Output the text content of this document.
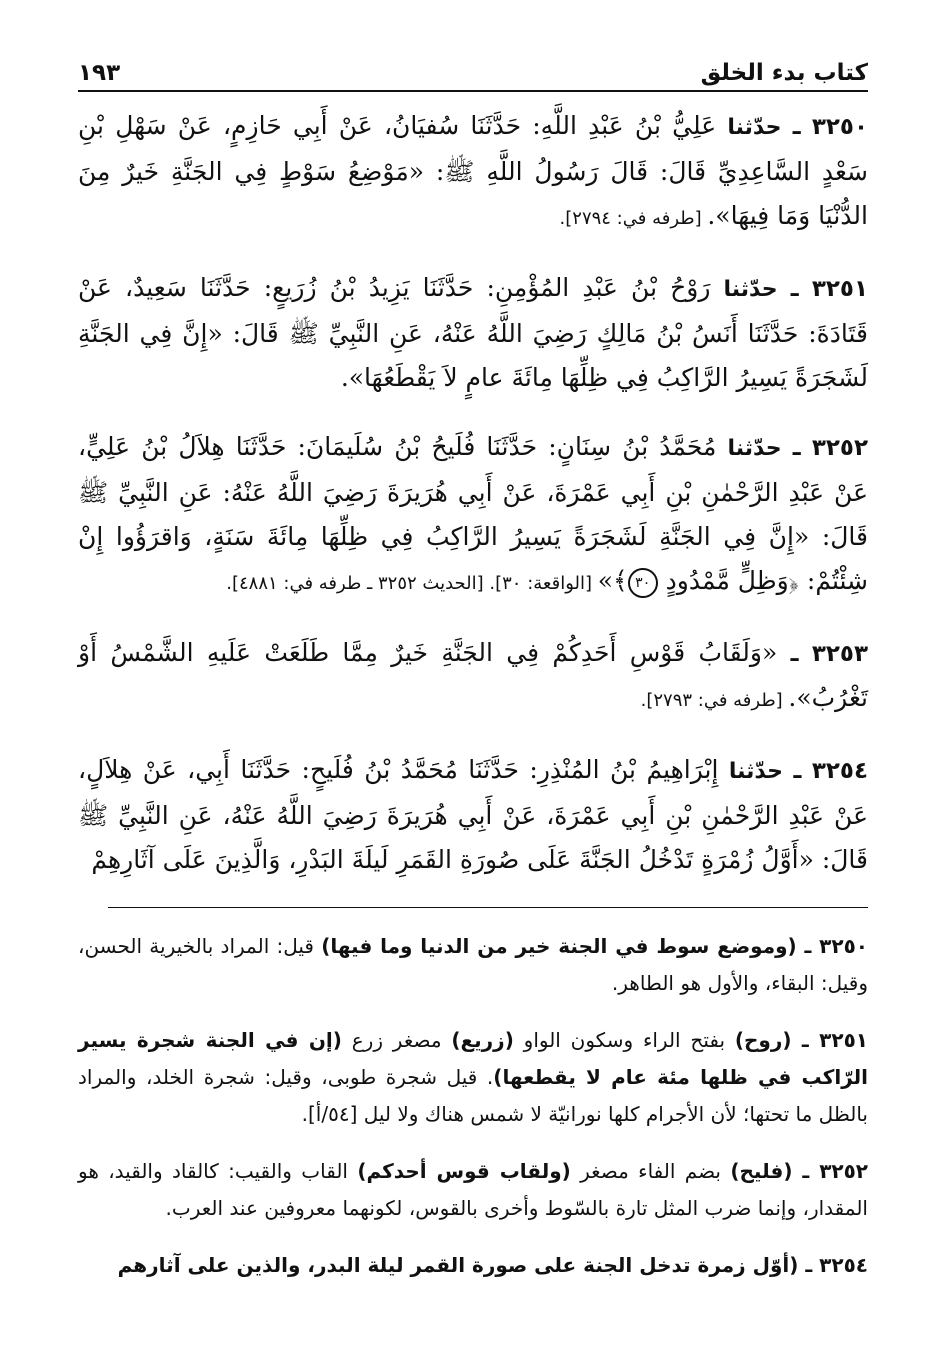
كتاب بدء الخلق
١٩٣

٣٢٥٠ ـ حدّثنا عَلِيُّ بْنُ عَبْدِ اللَّهِ: حَدَّثَنَا سُفيَانُ، عَنْ أَبِي حَازِمٍ، عَنْ سَهْلِ بْنِ سَعْدٍ السَّاعِدِيِّ قَالَ: قَالَ رَسُولُ اللَّهِ ﷺ: «مَوْضِعُ سَوْطٍ فِي الجَنَّةِ خَيرٌ مِنَ الدُّنْيَا وَمَا فِيهَا». [طرفه في: ٢٧٩٤].

٣٢٥١ ـ حدّثنا رَوْحُ بْنُ عَبْدِ المُؤْمِنِ: حَدَّثَنَا يَزِيدُ بْنُ زُرَيعٍ: حَدَّثَنَا سَعِيدٌ، عَنْ قَتَادَةَ: حَدَّثَنَا أَنَسُ بْنُ مَالِكٍ رَضِيَ اللَّهُ عَنْهُ، عَنِ النَّبِيِّ ﷺ قَالَ: «إِنَّ فِي الجَنَّةِ لَشَجَرَةً يَسِيرُ الرَّاكِبُ فِي ظِلِّهَا مِائَةَ عامٍ لاَ يَقْطَعُهَا».

٣٢٥٢ ـ حدّثنا مُحَمَّدُ بْنُ سِنَانٍ: حَدَّثَنَا فُلَيحُ بْنُ سُلَيمَانَ: حَدَّثَنَا هِلاَلُ بْنُ عَلِيٍّ، عَنْ عَبْدِ الرَّحْمٰنِ بْنِ أَبِي عَمْرَةَ، عَنْ أَبِي هُرَيرَةَ رَضِيَ اللَّهُ عَنْهُ: عَنِ النَّبِيِّ ﷺ قَالَ: «إِنَّ فِي الجَنَّةِ لَشَجَرَةً يَسِيرُ الرَّاكِبُ فِي ظِلِّهَا مِائَةَ سَنَةٍ، وَاقرَؤُوا إِنْ شِئْتُمْ: ﴿وَظِلٍّ مَّمْدُودٍ ٣٠﴾» [الواقعة: ٣٠]. [الحديث ٣٢٥٢ ـ طرفه في: ٤٨٨١].

٣٢٥٣ ـ «وَلَقَابُ قَوْسِ أَحَدِكُمْ فِي الجَنَّةِ خَيرٌ مِمَّا طَلَعَتْ عَلَيهِ الشَّمْسُ أَوْ تَغْرُبُ». [طرفه في: ٢٧٩٣].

٣٢٥٤ ـ حدّثنا إِبْرَاهِيمُ بْنُ المُنْذِرِ: حَدَّثَنَا مُحَمَّدُ بْنُ فُلَيحٍ: حَدَّثَنَا أَبِي، عَنْ هِلاَلٍ، عَنْ عَبْدِ الرَّحْمٰنِ بْنِ أَبِي عَمْرَةَ، عَنْ أَبِي هُرَيرَةَ رَضِيَ اللَّهُ عَنْهُ، عَنِ النَّبِيِّ ﷺ قَالَ: «أَوَّلُ زُمْرَةٍ تَدْخُلُ الجَنَّةَ عَلَى صُورَةِ القَمَرِ لَيلَةَ البَدْرِ، وَالَّذِينَ عَلَى آثَارِهِمْ

٣٢٥٠ ـ (وموضع سوط في الجنة خير من الدنيا وما فيها) قيل: المراد بالخيرية الحسن، وقيل: البقاء، والأول هو الطاهر.

٣٢٥١ ـ (روح) بفتح الراء وسكون الواو (زريع) مصغر زرع (إن في الجنة شجرة يسير الرّاكب في ظلها مئة عام لا يقطعها). قيل شجرة طوبى، وقيل: شجرة الخلد، والمراد بالظل ما تحتها؛ لأن الأجرام كلها نورانيّة لا شمس هناك ولا ليل [٥٤/أ].

٣٢٥٢ ـ (فليح) بضم الفاء مصغر (ولقاب قوس أحدكم) القاب والقيب: كالقاد والقيد، هو المقدار، وإنما ضرب المثل تارة بالسّوط وأخرى بالقوس، لكونهما معروفين عند العرب.

٣٢٥٤ ـ (أوّل زمرة تدخل الجنة على صورة القمر ليلة البدر، والذين على آثارهم
